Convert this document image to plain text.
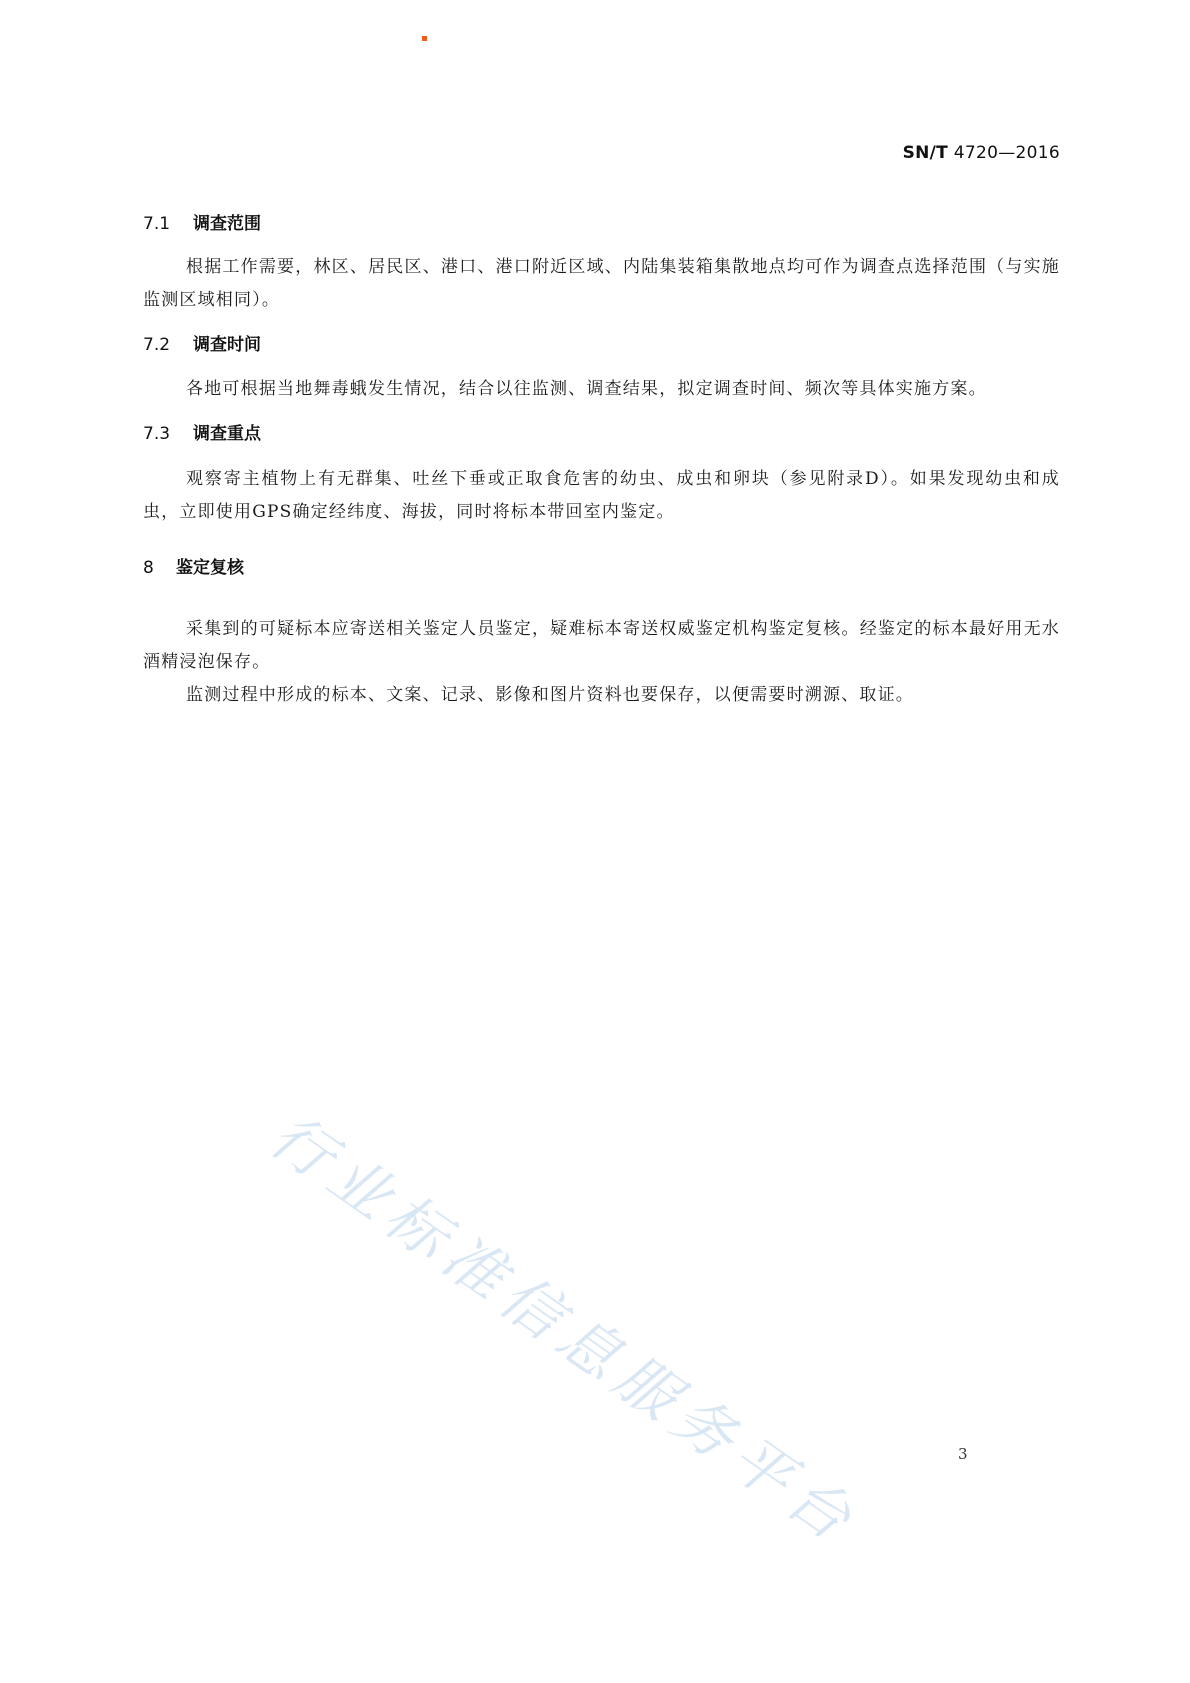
SN/T 4720—2016
7.1	调查范围

根据工作需要，林区、居民区、港口、港口附近区域、内陆集装箱集散地点均可作为调查点选择范围（与实施监测区域相同）。

7.2	调查时间

各地可根据当地舞毒蛾发生情况，结合以往监测、调查结果，拟定调查时间、频次等具体实施方案。

7.3	调查重点

观察寄主植物上有无群集、吐丝下垂或正取食危害的幼虫、成虫和卵块（参见附录D）。如果发现幼虫和成虫，立即使用GPS确定经纬度、海拔，同时将标本带回室内鉴定。

8	鉴定复核

采集到的可疑标本应寄送相关鉴定人员鉴定，疑难标本寄送权威鉴定机构鉴定复核。经鉴定的标本最好用无水酒精浸泡保存。

监测过程中形成的标本、文案、记录、影像和图片资料也要保存，以便需要时溯源、取证。

行业标准信息服务平台	3
